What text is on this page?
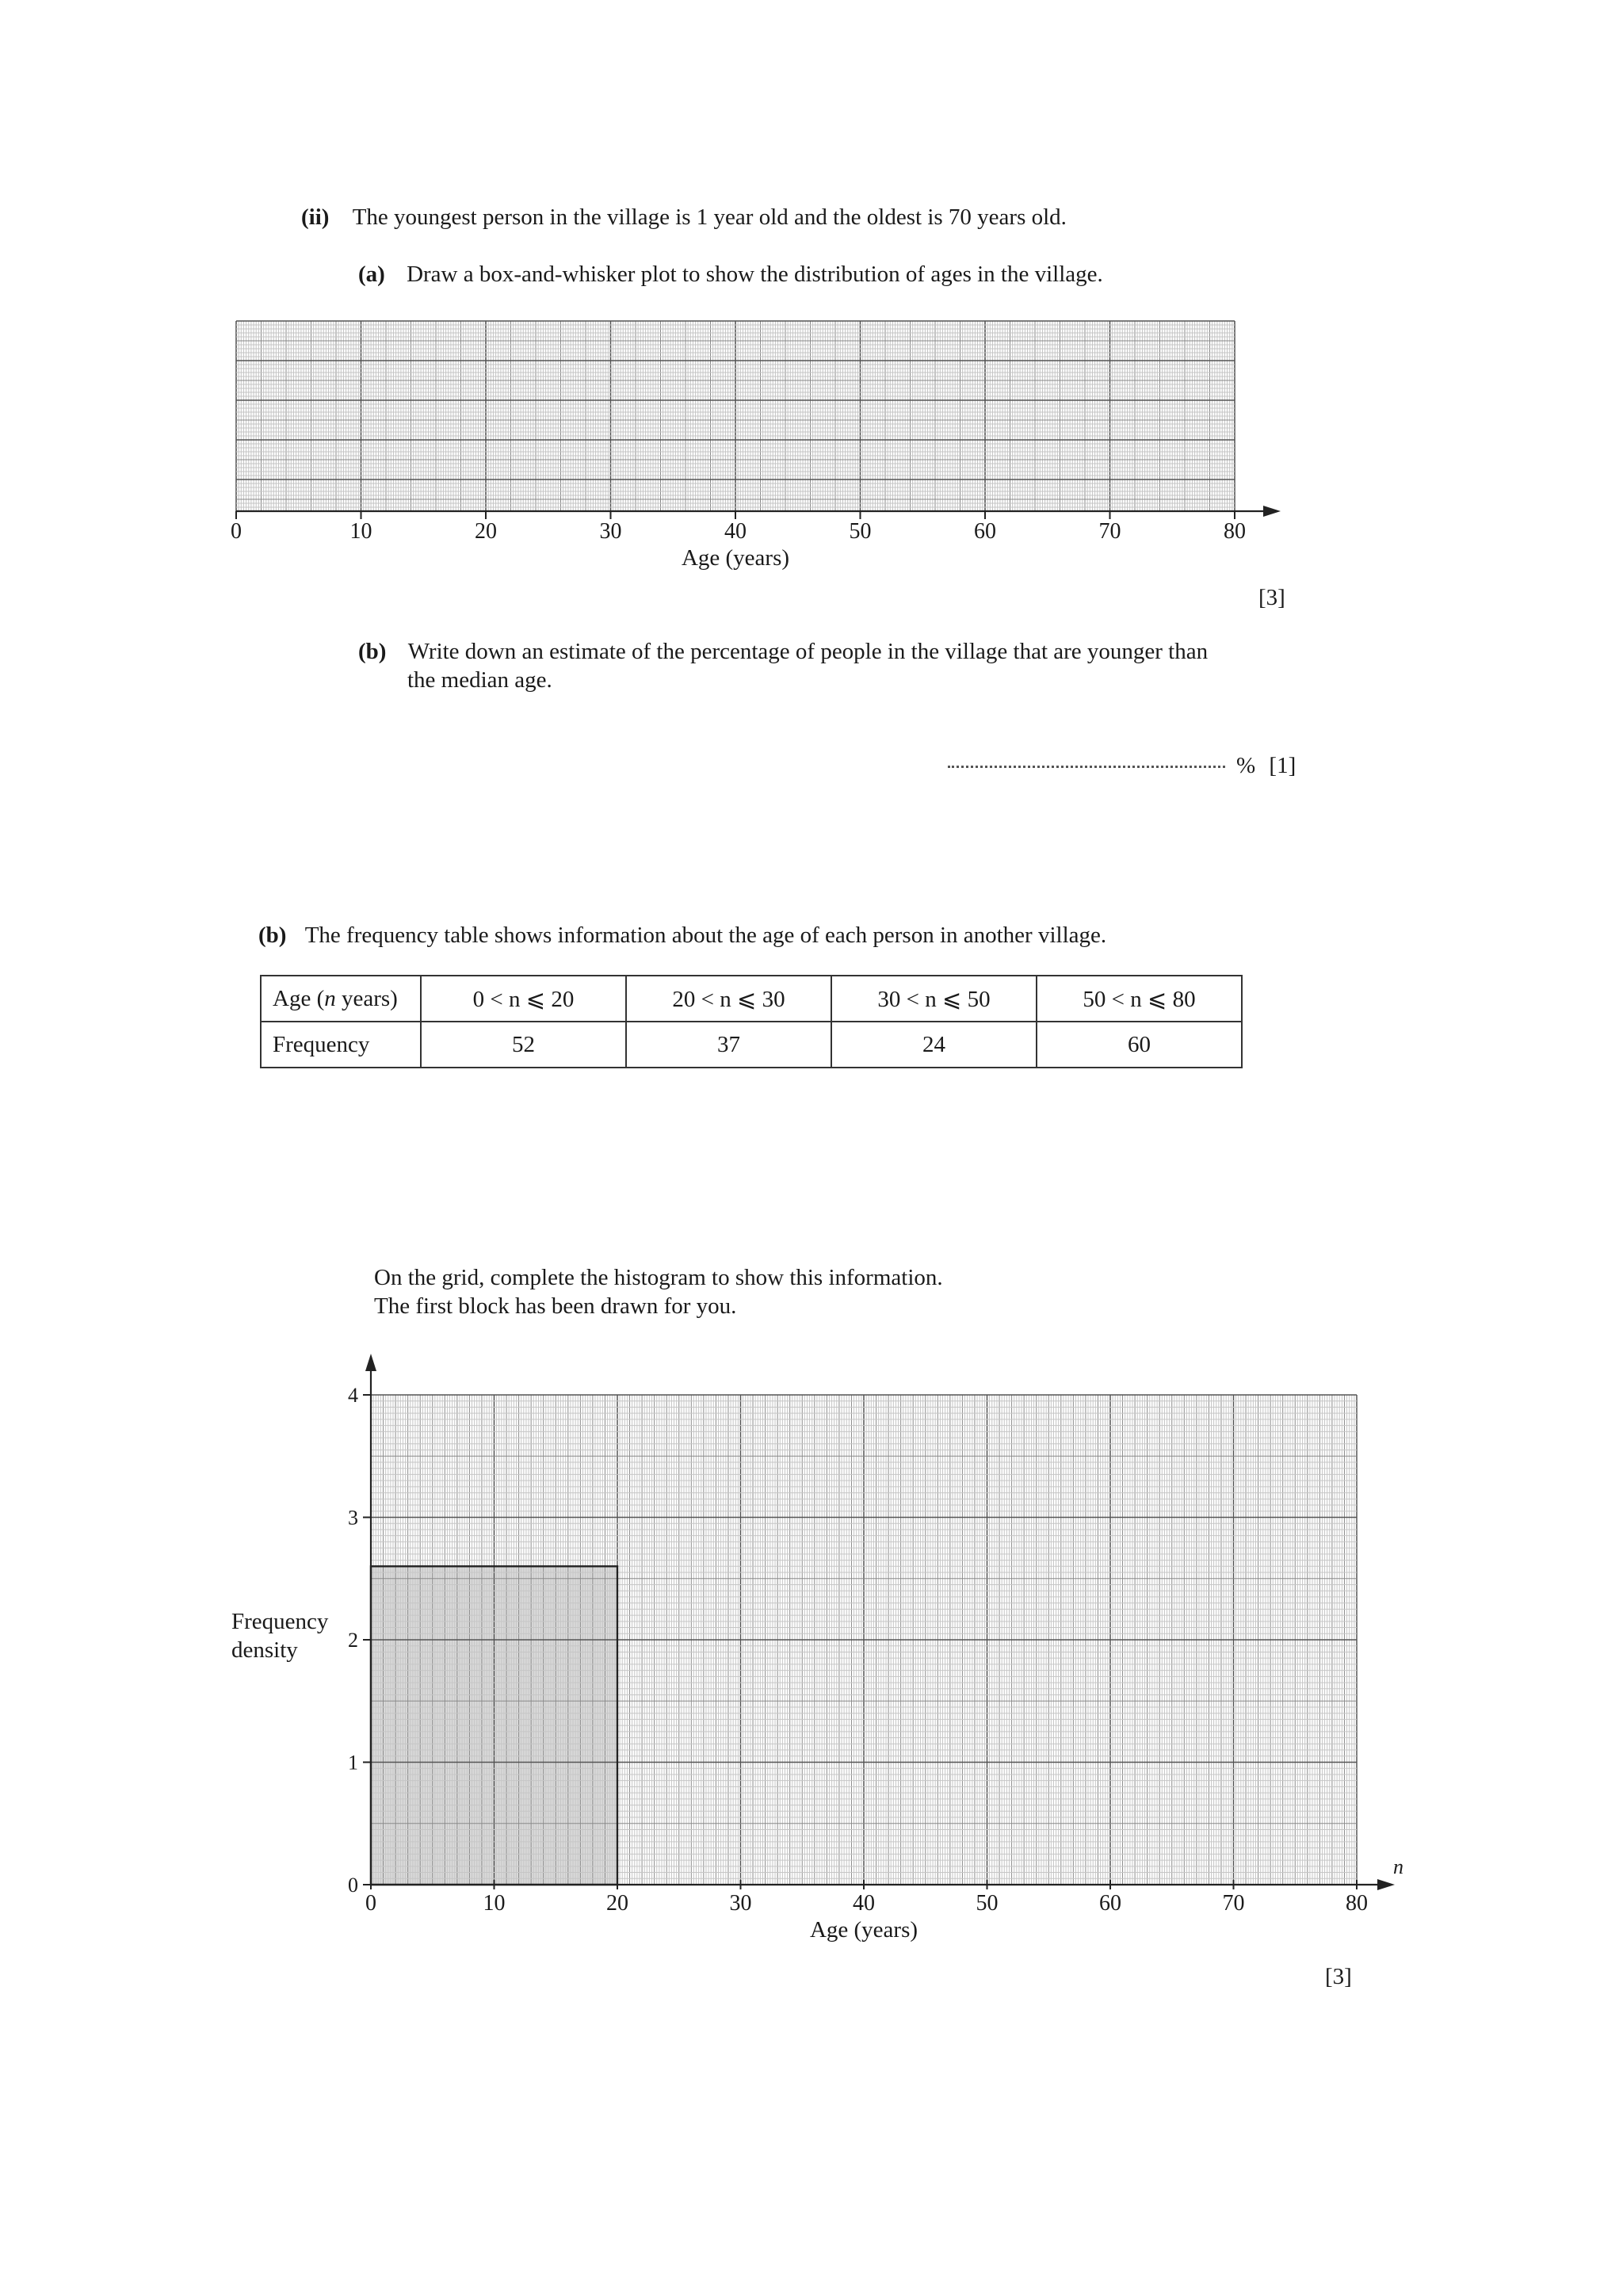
(ii) The youngest person in the village is 1 year old and the oldest is 70 years old.
(a) Draw a box-and-whisker plot to show the distribution of ages in the village.
0	10	20	30	40	50	60	70	80
Age (years)
[3]
(b) Write down an estimate of the percentage of people in the village that are younger than
the median age.
% [1]
(b) The frequency table shows information about the age of each person in another village.
Age (n years)	0 < n ⩽ 20	20 < n ⩽ 30	30 < n ⩽ 50	50 < n ⩽ 80
Frequency	52	37	24	60
On the grid, complete the histogram to show this information.
The first block has been drawn for you.
n
0	10	20	30	40	50	60	70	80
0
1
2
3
4
Age (years)
Frequency density
[3]
